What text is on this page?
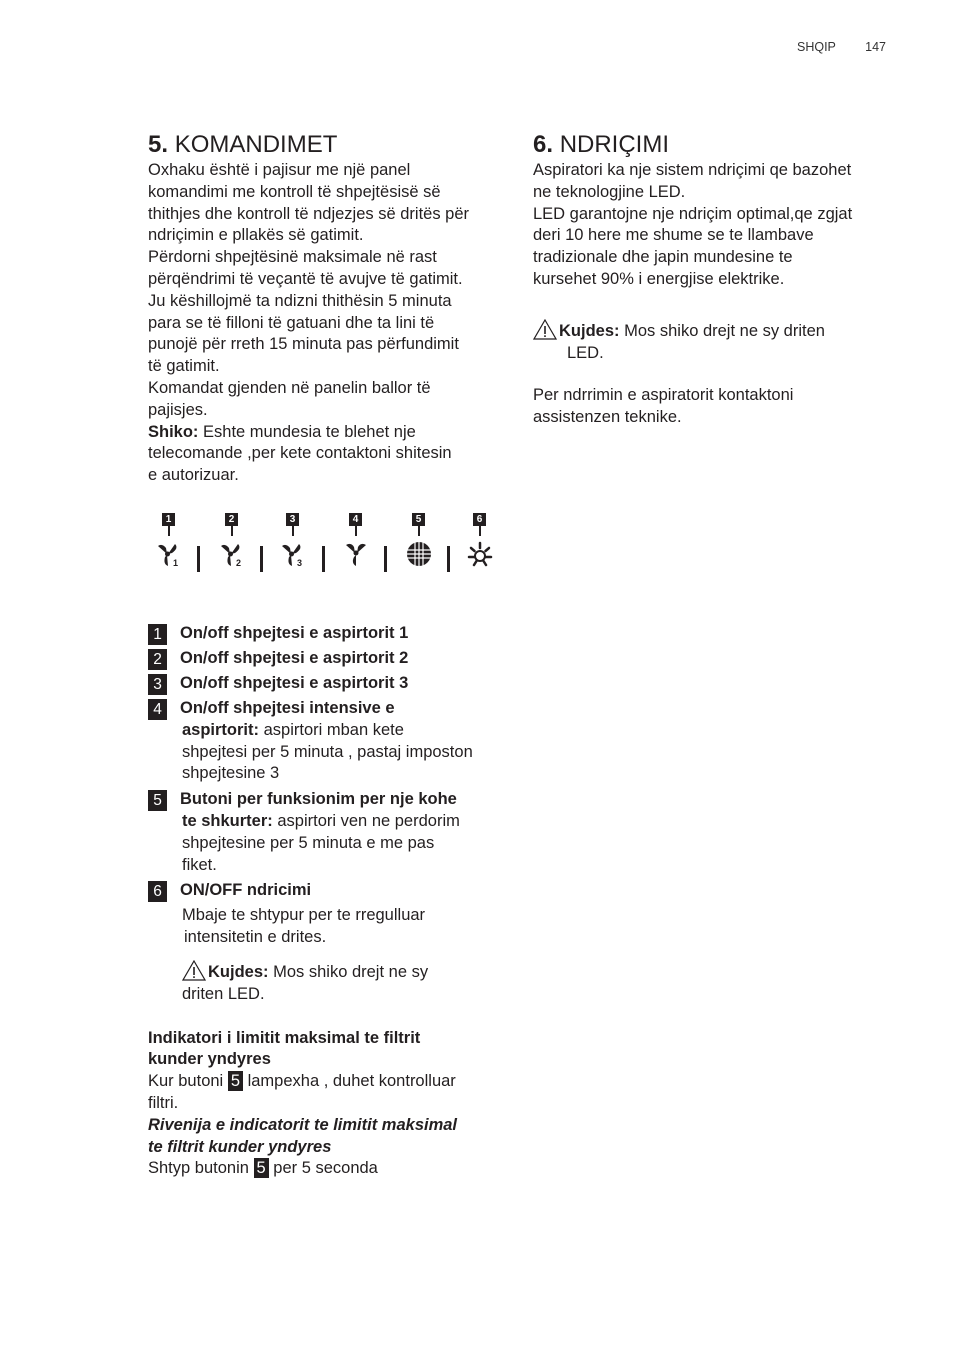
SHQIP 147
5. KOMANDIMET

Oxhaku është i pajisur me një panel
komandimi me kontroll të shpejtësisë së
thithjes dhe kontroll të ndjezjes së dritës për
ndriçimin e pllakës së gatimit.
Përdorni shpejtësinë maksimale në rast
përqëndrimi të veçantë të avujve të gatimit.
Ju këshillojmë ta ndizni thithësin 5 minuta
para se të filloni të gatuani dhe ta lini të
punojë për rreth 15 minuta pas përfundimit
të gatimit.
Komandat gjenden në panelin ballor të
pajisjes.
Shiko: Eshte mundesia te blehet nje
telecomande ,per kete contaktoni shitesin
e autorizuar.

1
1
2
2
3
3
4	5	6
1	On/off shpejtesi e aspirtorit 1
2	On/off shpejtesi e aspirtorit 2
3	On/off shpejtesi e aspirtorit 3
4	On/off shpejtesi intensive e
aspirtorit: aspirtori mban kete
shpejtesi per 5 minuta , pastaj imposton
shpejtesine 3
5	Butoni per funksionim per nje kohe
te shkurter: aspirtori ven ne perdorim
shpejtesine per 5 minuta e me pas
fiket.
6	ON/OFF ndricimi

Mbaje te shtypur per te rregulluar
intensitetin e drites.

Kujdes: Mos shiko drejt ne sy
driten LED.

Indikatori i limitit maksimal te filtrit
kunder yndyres
Kur butoni 5 lampexha , duhet kontrolluar
filtri.
Rivenija e indicatorit te limitit maksimal
te filtrit kunder yndyres
Shtyp butonin 5 per 5 seconda

6. NDRIÇIMI

Aspiratori ka nje sistem ndriçimi qe bazohet
ne teknologjine LED.
LED garantojne nje ndriçim optimal,qe zgjat
deri 10 here me shume se te llambave
tradizionale dhe japin mundesine te
kursehet 90% i energjise elektrike.

Kujdes: Mos shiko drejt ne sy driten
LED.

Per ndrrimin e aspiratorit kontaktoni
assistenzen teknike.
